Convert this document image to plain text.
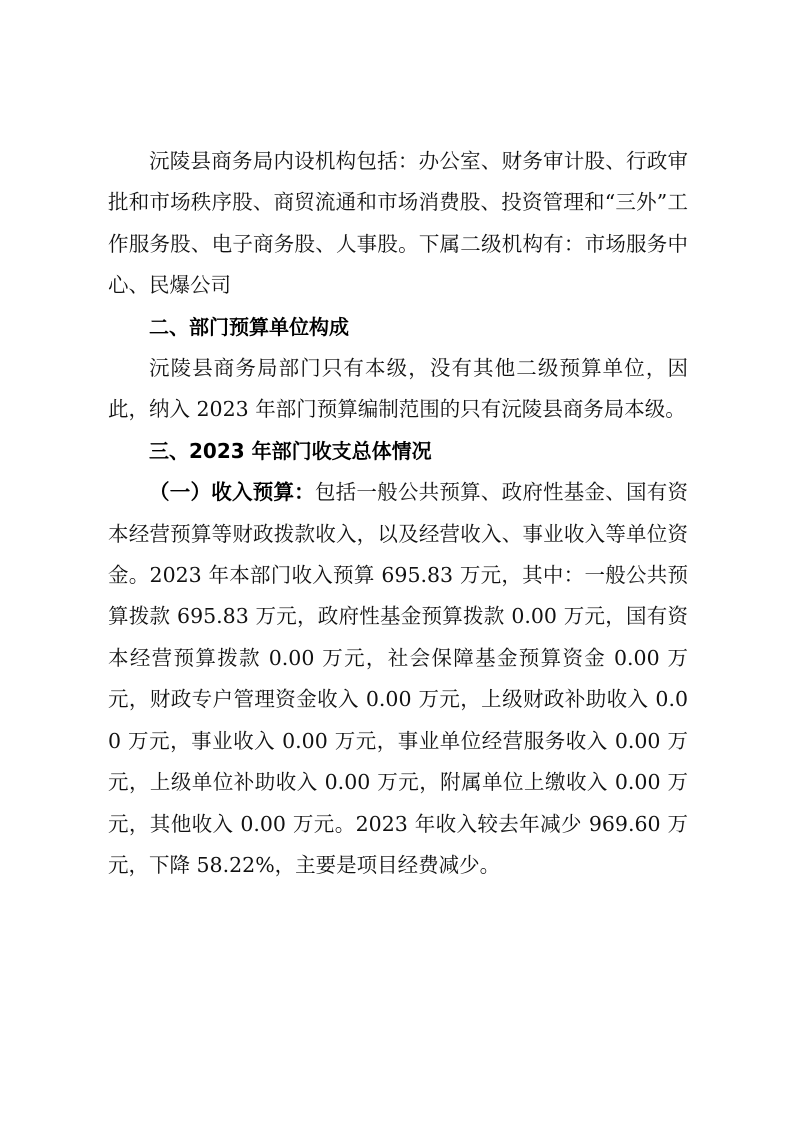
沅陵县商务局内设机构包括：办公室、财务审计股、行政审批和市场秩序股、商贸流通和市场消费股、投资管理和“三外”工作服务股、电子商务股、人事股。下属二级机构有：市场服务中心、民爆公司

二、部门预算单位构成

沅陵县商务局部门只有本级，没有其他二级预算单位，因此，纳入 2023 年部门预算编制范围的只有沅陵县商务局本级。

三、2023 年部门收支总体情况

（一）收入预算：包括一般公共预算、政府性基金、国有资本经营预算等财政拨款收入，以及经营收入、事业收入等单位资金。2023 年本部门收入预算 695.83 万元，其中：一般公共预算拨款 695.83 万元，政府性基金预算拨款 0.00 万元，国有资本经营预算拨款 0.00 万元，社会保障基金预算资金 0.00 万元，财政专户管理资金收入 0.00 万元，上级财政补助收入 0.00 万元，事业收入 0.00 万元，事业单位经营服务收入 0.00 万元，上级单位补助收入 0.00 万元，附属单位上缴收入 0.00 万元，其他收入 0.00 万元。2023 年收入较去年减少 969.60 万元，下降 58.22%，主要是项目经费减少。
